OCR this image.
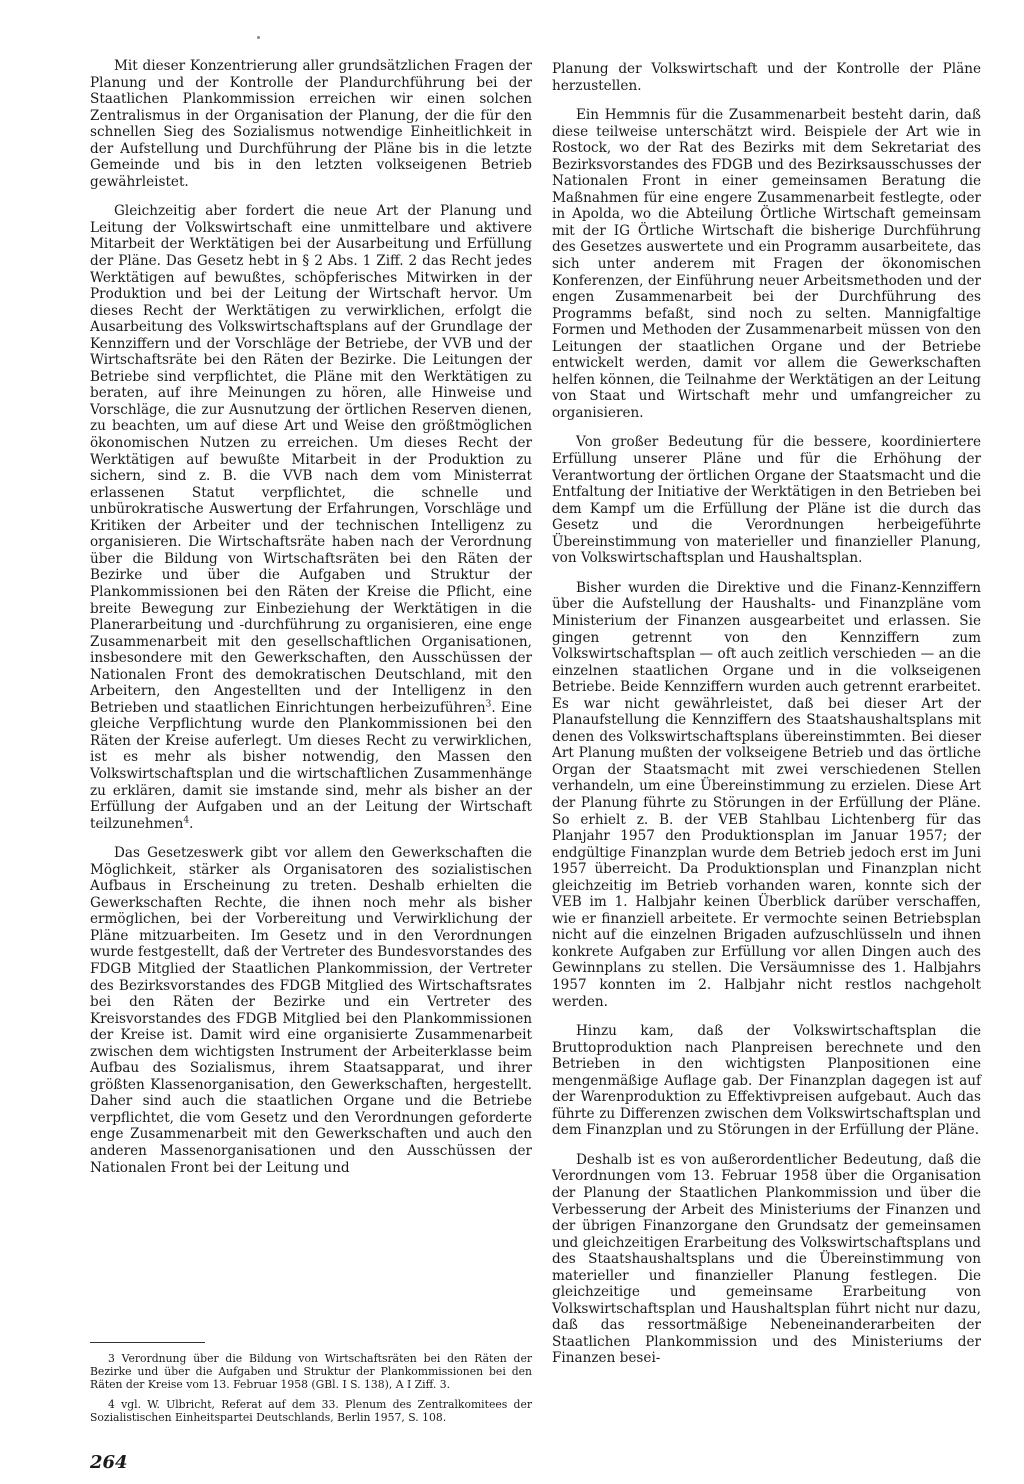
Mit dieser Konzentrierung aller grundsätzlichen Fragen der Planung und der Kontrolle der Plandurchführung bei der Staatlichen Plankommission erreichen wir einen solchen Zentralismus in der Organisation der Planung, der die für den schnellen Sieg des Sozialismus notwendige Einheitlichkeit in der Aufstellung und Durchführung der Pläne bis in die letzte Gemeinde und bis in den letzten volkseigenen Betrieb gewährleistet.

Gleichzeitig aber fordert die neue Art der Planung und Leitung der Volkswirtschaft eine unmittelbare und aktivere Mitarbeit der Werktätigen bei der Ausarbeitung und Erfüllung der Pläne. Das Gesetz hebt in § 2 Abs. 1 Ziff. 2 das Recht jedes Werktätigen auf bewußtes, schöpferisches Mitwirken in der Produktion und bei der Leitung der Wirtschaft hervor. Um dieses Recht der Werktätigen zu verwirklichen, erfolgt die Ausarbeitung des Volkswirtschaftsplans auf der Grundlage der Kennziffern und der Vorschläge der Betriebe, der VVB und der Wirtschaftsräte bei den Räten der Bezirke. Die Leitungen der Betriebe sind verpflichtet, die Pläne mit den Werktätigen zu beraten, auf ihre Meinungen zu hören, alle Hinweise und Vorschläge, die zur Ausnutzung der örtlichen Reserven dienen, zu beachten, um auf diese Art und Weise den größtmöglichen ökonomischen Nutzen zu erreichen. Um dieses Recht der Werktätigen auf bewußte Mitarbeit in der Produktion zu sichern, sind z. B. die VVB nach dem vom Ministerrat erlassenen Statut verpflichtet, die schnelle und unbürokratische Auswertung der Erfahrungen, Vorschläge und Kritiken der Arbeiter und der technischen Intelligenz zu organisieren. Die Wirtschaftsräte haben nach der Verordnung über die Bildung von Wirtschaftsräten bei den Räten der Bezirke und über die Aufgaben und Struktur der Plankommissionen bei den Räten der Kreise die Pflicht, eine breite Bewegung zur Einbeziehung der Werktätigen in die Planerarbeitung und -durchführung zu organisieren, eine enge Zusammenarbeit mit den gesellschaftlichen Organisationen, insbesondere mit den Gewerkschaften, den Ausschüssen der Nationalen Front des demokratischen Deutschland, mit den Arbeitern, den Angestellten und der Intelligenz in den Betrieben und staatlichen Einrichtungen herbeizuführen$^3$. Eine gleiche Verpflichtung wurde den Plankommissionen bei den Räten der Kreise auferlegt. Um dieses Recht zu verwirklichen, ist es mehr als bisher notwendig, den Massen den Volkswirtschaftsplan und die wirtschaftlichen Zusammenhänge zu erklären, damit sie imstande sind, mehr als bisher an der Erfüllung der Aufgaben und an der Leitung der Wirtschaft teilzunehmen$^4$.

Das Gesetzeswerk gibt vor allem den Gewerkschaften die Möglichkeit, stärker als Organisatoren des sozialistischen Aufbaus in Erscheinung zu treten. Deshalb erhielten die Gewerkschaften Rechte, die ihnen noch mehr als bisher ermöglichen, bei der Vorbereitung und Verwirklichung der Pläne mitzuarbeiten. Im Gesetz und in den Verordnungen wurde festgestellt, daß der Vertreter des Bundesvorstandes des FDGB Mitglied der Staatlichen Plankommission, der Vertreter des Bezirksvorstandes des FDGB Mitglied des Wirtschaftsrates bei den Räten der Bezirke und ein Vertreter des Kreisvorstandes des FDGB Mitglied bei den Plankommissionen der Kreise ist. Damit wird eine organisierte Zusammenarbeit zwischen dem wichtigsten Instrument der Arbeiterklasse beim Aufbau des Sozialismus, ihrem Staatsapparat, und ihrer größten Klassenorganisation, den Gewerkschaften, hergestellt. Daher sind auch die staatlichen Organe und die Betriebe verpflichtet, die vom Gesetz und den Verordnungen geforderte enge Zusammenarbeit mit den Gewerkschaften und auch den anderen Massenorganisationen und den Ausschüssen der Nationalen Front bei der Leitung und

Planung der Volkswirtschaft und der Kontrolle der Pläne herzustellen.

Ein Hemmnis für die Zusammenarbeit besteht darin, daß diese teilweise unterschätzt wird. Beispiele der Art wie in Rostock, wo der Rat des Bezirks mit dem Sekretariat des Bezirksvorstandes des FDGB und des Bezirksausschusses der Nationalen Front in einer gemeinsamen Beratung die Maßnahmen für eine engere Zusammenarbeit festlegte, oder in Apolda, wo die Abteilung Örtliche Wirtschaft gemeinsam mit der IG Örtliche Wirtschaft die bisherige Durchführung des Gesetzes auswertete und ein Programm ausarbeitete, das sich unter anderem mit Fragen der ökonomischen Konferenzen, der Einführung neuer Arbeitsmethoden und der engen Zusammenarbeit bei der Durchführung des Programms befaßt, sind noch zu selten. Mannigfaltige Formen und Methoden der Zusammenarbeit müssen von den Leitungen der staatlichen Organe und der Betriebe entwickelt werden, damit vor allem die Gewerkschaften helfen können, die Teilnahme der Werktätigen an der Leitung von Staat und Wirtschaft mehr und umfangreicher zu organisieren.

Von großer Bedeutung für die bessere, koordiniertere Erfüllung unserer Pläne und für die Erhöhung der Verantwortung der örtlichen Organe der Staatsmacht und die Entfaltung der Initiative der Werktätigen in den Betrieben bei dem Kampf um die Erfüllung der Pläne ist die durch das Gesetz und die Verordnungen herbeigeführte Übereinstimmung von materieller und finanzieller Planung, von Volkswirtschaftsplan und Haushaltsplan.

Bisher wurden die Direktive und die Finanz-Kennziffern über die Aufstellung der Haushalts- und Finanzpläne vom Ministerium der Finanzen ausgearbeitet und erlassen. Sie gingen getrennt von den Kennziffern zum Volkswirtschaftsplan — oft auch zeitlich verschieden — an die einzelnen staatlichen Organe und in die volkseigenen Betriebe. Beide Kennziffern wurden auch getrennt erarbeitet. Es war nicht gewährleistet, daß bei dieser Art der Planaufstellung die Kennziffern des Staatshaushaltsplans mit denen des Volkswirtschaftsplans übereinstimmten. Bei dieser Art Planung mußten der volkseigene Betrieb und das örtliche Organ der Staatsmacht mit zwei verschiedenen Stellen verhandeln, um eine Übereinstimmung zu erzielen. Diese Art der Planung führte zu Störungen in der Erfüllung der Pläne. So erhielt z. B. der VEB Stahlbau Lichtenberg für das Planjahr 1957 den Produktionsplan im Januar 1957; der endgültige Finanzplan wurde dem Betrieb jedoch erst im Juni 1957 überreicht. Da Produktionsplan und Finanzplan nicht gleichzeitig im Betrieb vorhanden waren, konnte sich der VEB im 1. Halbjahr keinen Überblick darüber verschaffen, wie er finanziell arbeitete. Er vermochte seinen Betriebsplan nicht auf die einzelnen Brigaden aufzuschlüsseln und ihnen konkrete Aufgaben zur Erfüllung vor allen Dingen auch des Gewinnplans zu stellen. Die Versäumnisse des 1. Halbjahrs 1957 konnten im 2. Halbjahr nicht restlos nachgeholt werden.

Hinzu kam, daß der Volkswirtschaftsplan die Bruttoproduktion nach Planpreisen berechnete und den Betrieben in den wichtigsten Planpositionen eine mengenmäßige Auflage gab. Der Finanzplan dagegen ist auf der Warenproduktion zu Effektivpreisen aufgebaut. Auch das führte zu Differenzen zwischen dem Volkswirtschaftsplan und dem Finanzplan und zu Störungen in der Erfüllung der Pläne.

Deshalb ist es von außerordentlicher Bedeutung, daß die Verordnungen vom 13. Februar 1958 über die Organisation der Planung der Staatlichen Plankommission und über die Verbesserung der Arbeit des Ministeriums der Finanzen und der übrigen Finanzorgane den Grundsatz der gemeinsamen und gleichzeitigen Erarbeitung des Volkswirtschaftsplans und des Staatshaushaltsplans und die Übereinstimmung von materieller und finanzieller Planung festlegen. Die gleichzeitige und gemeinsame Erarbeitung von Volkswirtschaftsplan und Haushaltsplan führt nicht nur dazu, daß das ressortmäßige Nebeneinanderarbeiten der Staatlichen Plankommission und des Ministeriums der Finanzen besei-

3 Verordnung über die Bildung von Wirtschaftsräten bei den Räten der Bezirke und über die Aufgaben und Struktur der Plankommissionen bei den Räten der Kreise vom 13. Februar 1958 (GBl. I S. 138), A I Ziff. 3.

4 vgl. W. Ulbricht, Referat auf dem 33. Plenum des Zentralkomitees der Sozialistischen Einheitspartei Deutschlands, Berlin 1957, S. 108.

264
